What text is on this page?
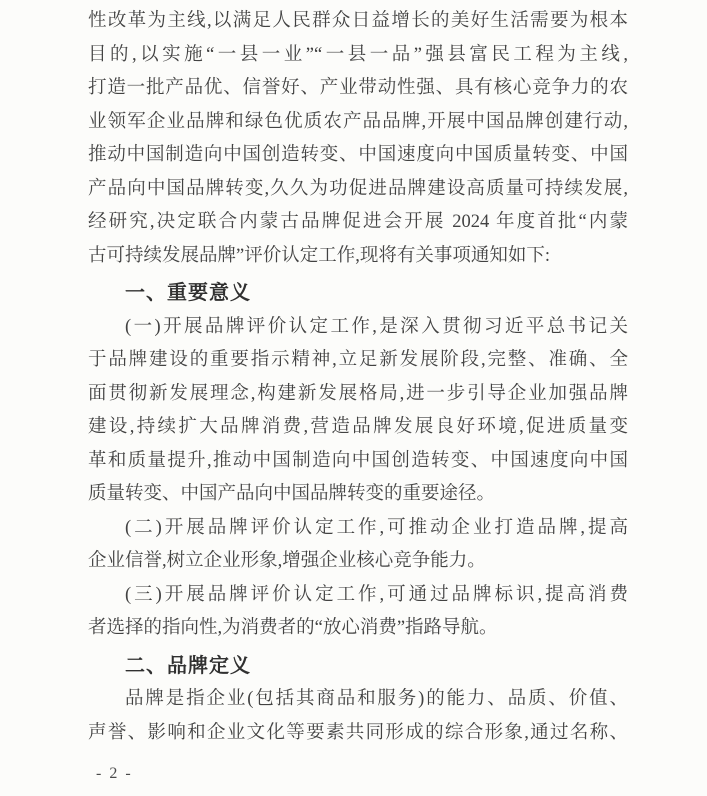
性改革为主线,以满足人民群众日益增长的美好生活需要为根本
目的,以实施“一县一业”“一县一品”强县富民工程为主线,
打造一批产品优、信誉好、产业带动性强、具有核心竞争力的农
业领军企业品牌和绿色优质农产品品牌,开展中国品牌创建行动,
推动中国制造向中国创造转变、中国速度向中国质量转变、中国
产品向中国品牌转变,久久为功促进品牌建设高质量可持续发展,
经研究,决定联合内蒙古品牌促进会开展 2024 年度首批“内蒙
古可持续发展品牌”评价认定工作,现将有关事项通知如下:
一、重要意义
(一)开展品牌评价认定工作,是深入贯彻习近平总书记关
于品牌建设的重要指示精神,立足新发展阶段,完整、准确、全
面贯彻新发展理念,构建新发展格局,进一步引导企业加强品牌
建设,持续扩大品牌消费,营造品牌发展良好环境,促进质量变
革和质量提升,推动中国制造向中国创造转变、中国速度向中国
质量转变、中国产品向中国品牌转变的重要途径。
(二)开展品牌评价认定工作,可推动企业打造品牌,提高
企业信誉,树立企业形象,增强企业核心竞争能力。
(三)开展品牌评价认定工作,可通过品牌标识,提高消费
者选择的指向性,为消费者的“放心消费”指路导航。
二、品牌定义
品牌是指企业(包括其商品和服务)的能力、品质、价值、
声誉、影响和企业文化等要素共同形成的综合形象,通过名称、
- 2 -
